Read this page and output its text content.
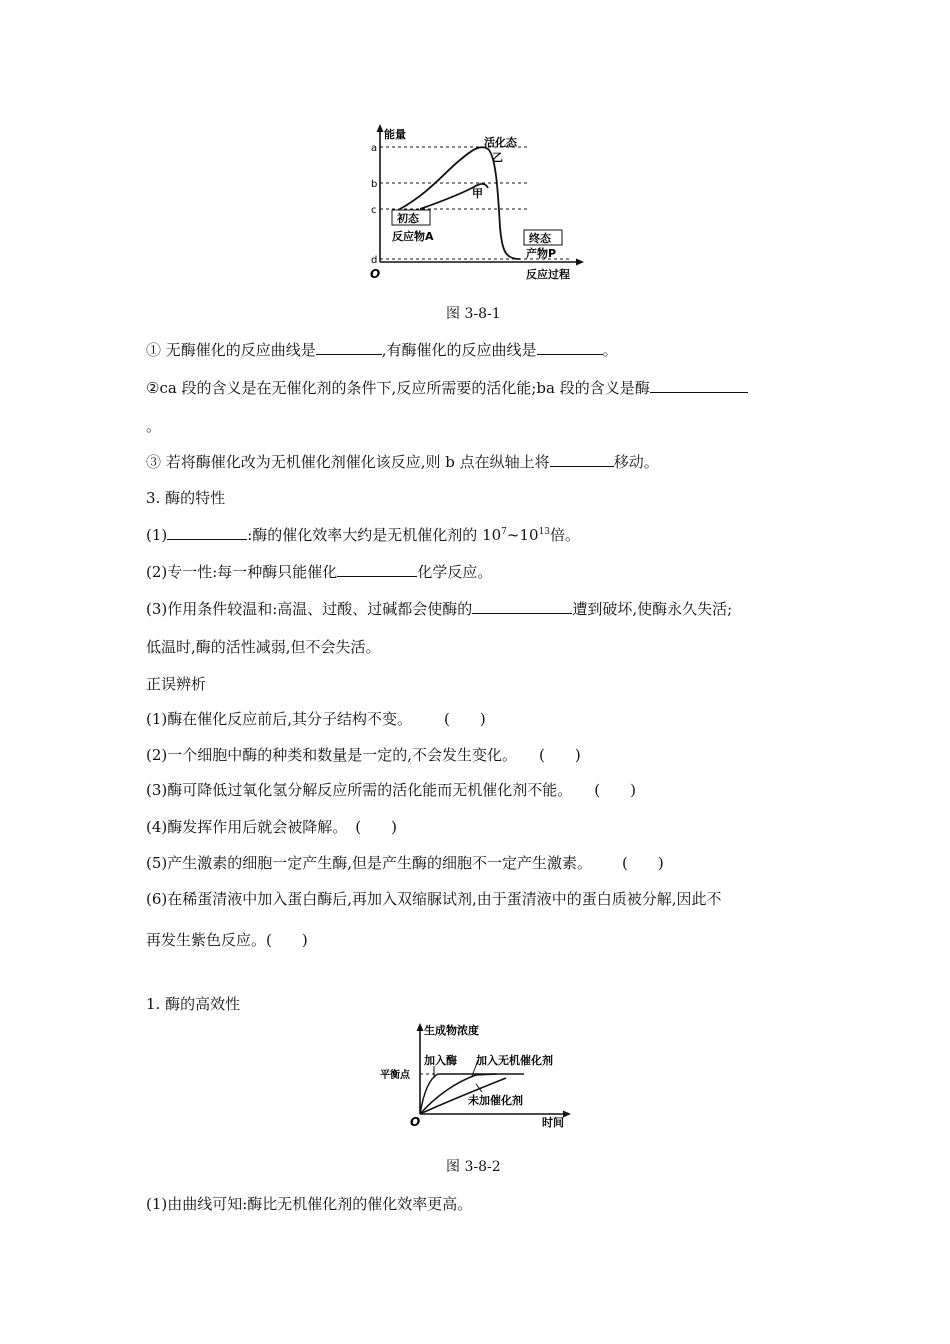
a
b
c
d
O
能量
反应过程
活化态
乙
甲
初态
反应物A	终态
产物P
图 3-8-1
① 无酶催化的反应曲线是	,有酶催化的反应曲线是	。
②ca 段的含义是在无催化剂的条件下,反应所需要的活化能;ba 段的含义是酶
。
③ 若将酶催化改为无机催化剂催化该反应,则 b 点在纵轴上将	移动。
3. 酶的特性
(1)	:酶的催化效率大约是无机催化剂的 $10^7\sim 10^{13}$倍。
(2)专一性:每一种酶只能催化	化学反应。
(3)作用条件较温和:高温、过酸、过碱都会使酶的	遭到破坏,使酶永久失活;
低温时,酶的活性减弱,但不会失活。
正误辨析
(1)酶在催化反应前后,其分子结构不变。 (　　)
(2)一个细胞中酶的种类和数量是一定的,不会发生变化。 (　　)
(3)酶可降低过氧化氢分解反应所需的活化能而无机催化剂不能。 (　　)
(4)酶发挥作用后就会被降解。 (　　)
(5)产生激素的细胞一定产生酶,但是产生酶的细胞不一定产生激素。 (　　)
(6)在稀蛋清液中加入蛋白酶后,再加入双缩脲试剂,由于蛋清液中的蛋白质被分解,因此不
再发生紫色反应。(　　)
1. 酶的高效性
生成物浓度
平衡点
加入酶 加入无机催化剂
未加催化剂
O	时间
图 3-8-2
(1)由曲线可知:酶比无机催化剂的催化效率更高。
